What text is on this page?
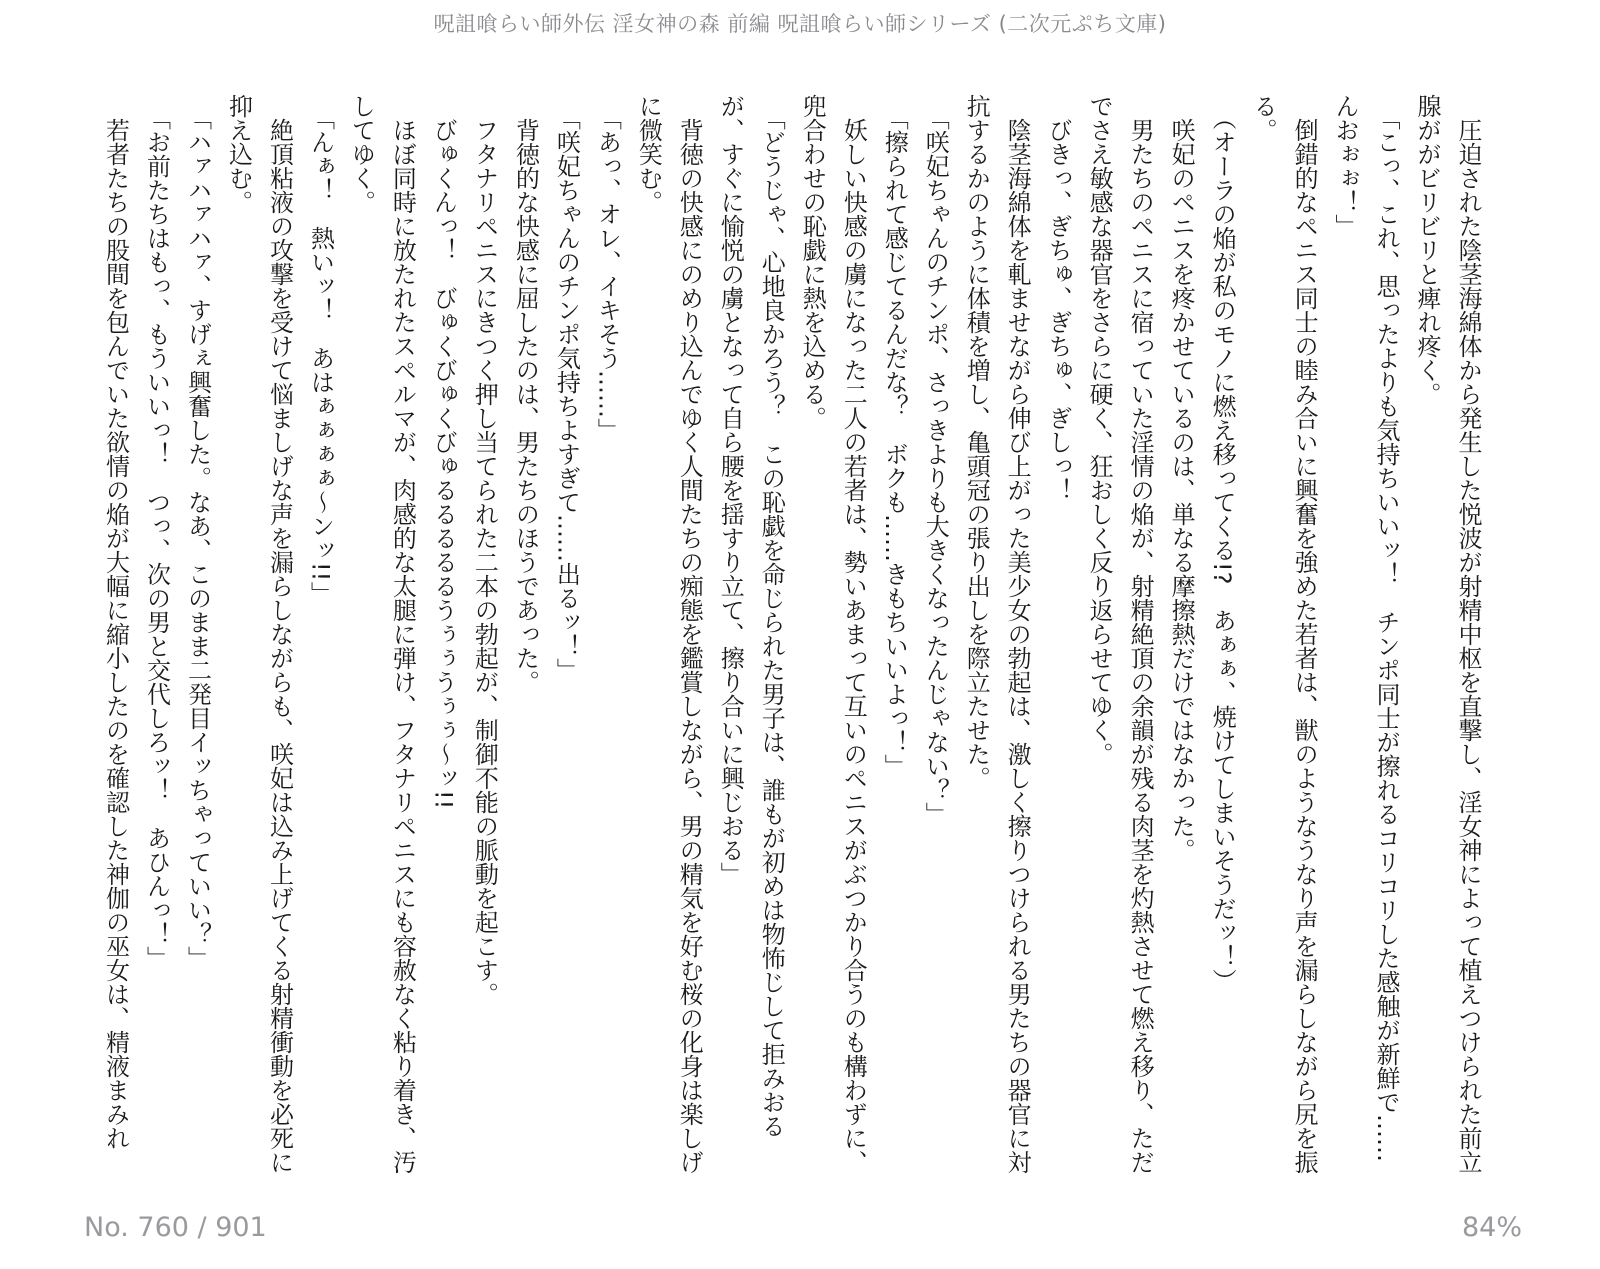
呪詛喰らい師外伝 淫女神の森 前編 呪詛喰らい師シリーズ (二次元ぷち文庫)

圧迫された陰茎海綿体から発生した悦波が射精中枢を直撃し、淫女神によって植えつけられた前立腺ががビリビリと痺れ疼く。

「こっ、これ、思ったよりも気持ちいいッ！　チンポ同士が擦れるコリコリした感触が新鮮で……んおぉぉ！」

倒錯的なペニス同士の睦み合いに興奮を強めた若者は、獣のようなうなり声を漏らしながら尻を振る。

（オーラの焔が私のモノに燃え移ってくる!?　あぁぁ、焼けてしまいそうだッ！）

咲妃のペニスを疼かせているのは、単なる摩擦熱だけではなかった。

男たちのペニスに宿っていた淫情の焔が、射精絶頂の余韻が残る肉茎を灼熱させて燃え移り、ただでさえ敏感な器官をさらに硬く、狂おしく反り返らせてゆく。

びきっ、ぎちゅ、ぎちゅ、ぎしっ！

陰茎海綿体を軋ませながら伸び上がった美少女の勃起は、激しく擦りつけられる男たちの器官に対抗するかのように体積を増し、亀頭冠の張り出しを際立たせた。

「咲妃ちゃんのチンポ、さっきよりも大きくなったんじゃない？」

「擦られて感じてるんだな？　ボクも……きもちいいよっ！」

妖しい快感の虜になった二人の若者は、勢いあまって互いのペニスがぶつかり合うのも構わずに、兜合わせの恥戯に熱を込める。

「どうじゃ、心地良かろう？　この恥戯を命じられた男子は、誰もが初めは物怖じして拒みおるが、すぐに愉悦の虜となって自ら腰を揺すり立て、擦り合いに興じおる」

背徳の快感にのめり込んでゆく人間たちの痴態を鑑賞しながら、男の精気を好む桜の化身は楽しげに微笑む。

「あっ、オレ、イキそう……」

「咲妃ちゃんのチンポ気持ちよすぎて……出るッ！」

背徳的な快感に屈したのは、男たちのほうであった。

フタナリペニスにきつく押し当てられた二本の勃起が、制御不能の脈動を起こす。

びゅくんっ！　びゅくびゅくびゅるるるるるうぅぅうぅぅ〜ッ!!

ほぼ同時に放たれたスペルマが、肉感的な太腿に弾け、フタナリペニスにも容赦なく粘り着き、汚してゆく。

「んぁ！　熱いッ！　あはぁぁぁぁ〜ンッ!!」

絶頂粘液の攻撃を受けて悩ましげな声を漏らしながらも、咲妃は込み上げてくる射精衝動を必死に抑え込む。

「ハァハァハァ、すげぇ興奮した。なあ、このまま二発目イッちゃっていい？」

「お前たちはもっ、もういいっ！　つっ、次の男と交代しろッ！　あひんっ！」

若者たちの股間を包んでいた欲情の焔が大幅に縮小したのを確認した神伽の巫女は、精液まみれ

No. 760 / 901	84%
